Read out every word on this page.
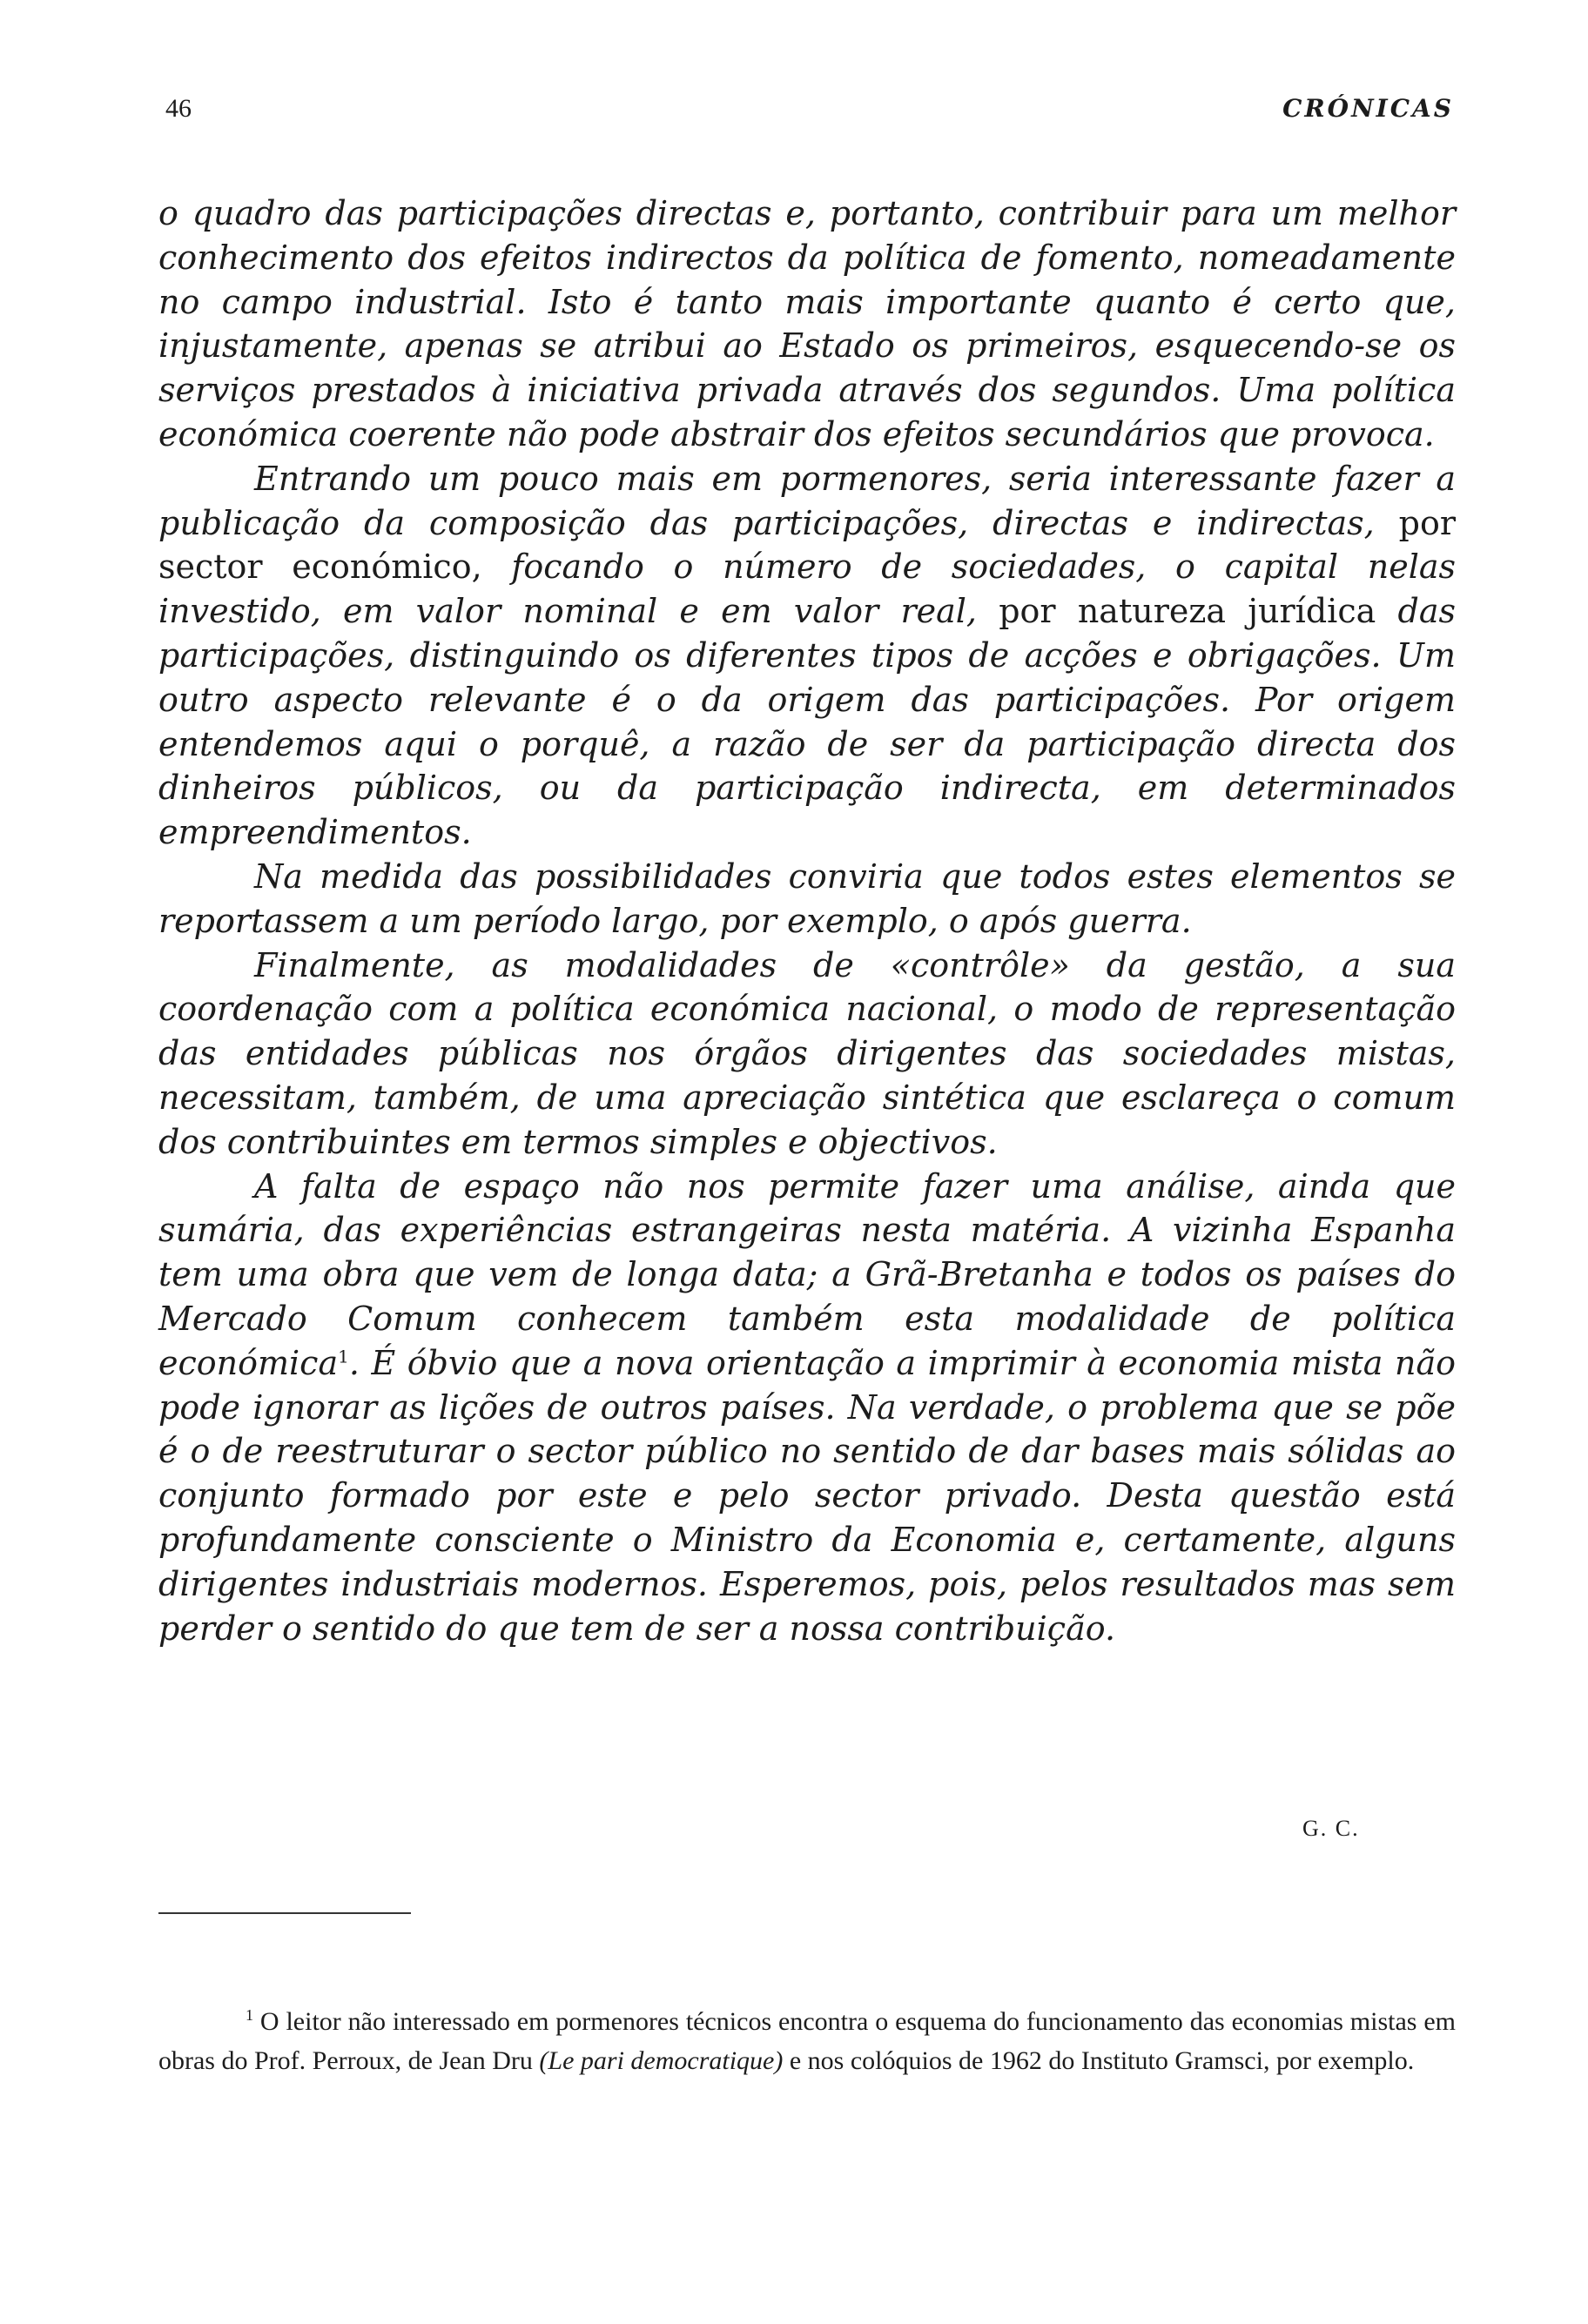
46	CRÓNICAS

o quadro das participações directas e, portanto, contribuir para um melhor conhecimento dos efeitos indirectos da política de fomento, nomeadamente no campo industrial. Isto é tanto mais importante quanto é certo que, injustamente, apenas se atribui ao Estado os primeiros, esquecendo-se os serviços prestados à iniciativa privada através dos segundos. Uma política económica coerente não pode abstrair dos efeitos secundários que provoca.

Entrando um pouco mais em pormenores, seria interessante fazer a publicação da composição das participações, directas e indirectas, por sector económico, focando o número de sociedades, o capital nelas investido, em valor nominal e em valor real, por natureza jurídica das participações, distinguindo os diferentes tipos de acções e obrigações. Um outro aspecto relevante é o da origem das participações. Por origem entendemos aqui o porquê, a razão de ser da participação directa dos dinheiros públicos, ou da participação indirecta, em determinados empreendimentos.

Na medida das possibilidades conviria que todos estes elementos se reportassem a um período largo, por exemplo, o após guerra.

Finalmente, as modalidades de «contrôle» da gestão, a sua coordenação com a política económica nacional, o modo de representação das entidades públicas nos órgãos dirigentes das sociedades mistas, necessitam, também, de uma apreciação sintética que esclareça o comum dos contribuintes em termos simples e objectivos.

A falta de espaço não nos permite fazer uma análise, ainda que sumária, das experiências estrangeiras nesta matéria. A vizinha Espanha tem uma obra que vem de longa data; a Grã-Bretanha e todos os países do Mercado Comum conhecem também esta modalidade de política económica$^1$. É óbvio que a nova orientação a imprimir à economia mista não pode ignorar as lições de outros países. Na verdade, o problema que se põe é o de reestruturar o sector público no sentido de dar bases mais sólidas ao conjunto formado por este e pelo sector privado. Desta questão está profundamente consciente o Ministro da Economia e, certamente, alguns dirigentes industriais modernos. Esperemos, pois, pelos resultados mas sem perder o sentido do que tem de ser a nossa contribuição.

G. C.

$^1$ O leitor não interessado em pormenores técnicos encontra o esquema do funcionamento das economias mistas em obras do Prof. Perroux, de Jean Dru (Le pari democratique) e nos colóquios de 1962 do Instituto Gramsci, por exemplo.
